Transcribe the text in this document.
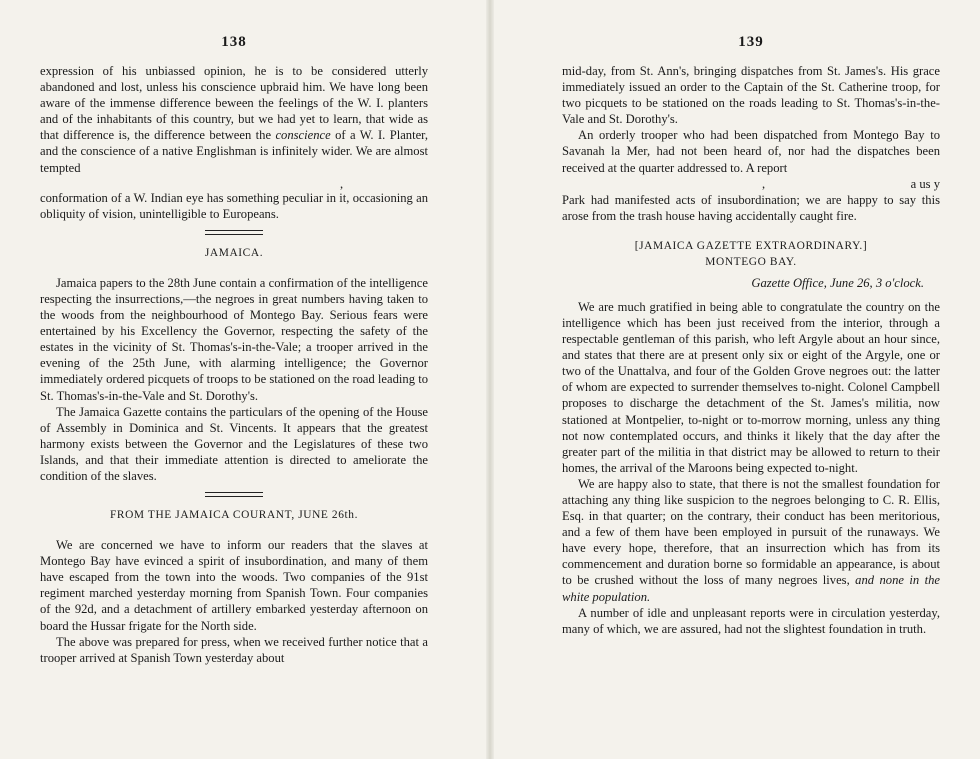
138

expression of his unbiassed opinion, he is to be considered utterly abandoned and lost, unless his conscience upbraid him. We have long been aware of the immense difference beween the feelings of the W. I. planters and of the inhabitants of this country, but we had yet to learn, that wide as that difference is, the difference between the conscience of a W. I. Planter, and the conscience of a native Englishman is infinitely wider. We are almost tempted

,

conformation of a W. Indian eye has something peculiar in it, occasioning an obliquity of vision, unintelligible to Europeans.

JAMAICA.

Jamaica papers to the 28th June contain a confirmation of the intelligence respecting the insurrections,—the negroes in great numbers having taken to the woods from the neighbourhood of Montego Bay. Serious fears were entertained by his Excellency the Governor, respecting the safety of the estates in the vicinity of St. Thomas's-in-the-Vale; a trooper arrived in the evening of the 25th June, with alarming intelligence; the Governor immediately ordered picquets of troops to be stationed on the road leading to St. Thomas's-in-the-Vale and St. Dorothy's.

The Jamaica Gazette contains the particulars of the opening of the House of Assembly in Dominica and St. Vincents. It appears that the greatest harmony exists between the Governor and the Legislatures of these two Islands, and that their immediate attention is directed to ameliorate the condition of the slaves.

FROM THE JAMAICA COURANT, JUNE 26th.

We are concerned we have to inform our readers that the slaves at Montego Bay have evinced a spirit of insubordination, and many of them have escaped from the town into the woods. Two companies of the 91st regiment marched yesterday morning from Spanish Town. Four companies of the 92d, and a detachment of artillery embarked yesterday afternoon on board the Hussar frigate for the North side.

The above was prepared for press, when we received further notice that a trooper arrived at Spanish Town yesterday about

139

mid-day, from St. Ann's, bringing dispatches from St. James's. His grace immediately issued an order to the Captain of the St. Catherine troop, for two picquets to be stationed on the roads leading to St. Thomas's-in-the-Vale and St. Dorothy's.

An orderly trooper who had been dispatched from Montego Bay to Savanah la Mer, had not been heard of, nor had the dispatches been received at the quarter addressed to. A report

,	a us y

Park had manifested acts of insubordination; we are happy to say this arose from the trash house having accidentally caught fire.

[JAMAICA GAZETTE EXTRAORDINARY.]
MONTEGO BAY.
Gazette Office, June 26, 3 o'clock.

We are much gratified in being able to congratulate the country on the intelligence which has been just received from the interior, through a respectable gentleman of this parish, who left Argyle about an hour since, and states that there are at present only six or eight of the Argyle, one or two of the Unattalva, and four of the Golden Grove negroes out: the latter of whom are expected to surrender themselves to-night. Colonel Campbell proposes to discharge the detachment of the St. James's militia, now stationed at Montpelier, to-night or to-morrow morning, unless any thing not now contemplated occurs, and thinks it likely that the day after the greater part of the militia in that district may be allowed to return to their homes, the arrival of the Maroons being expected to-night.

We are happy also to state, that there is not the smallest foundation for attaching any thing like suspicion to the negroes belonging to C. R. Ellis, Esq. in that quarter; on the contrary, their conduct has been meritorious, and a few of them have been employed in pursuit of the runaways. We have every hope, therefore, that an insurrection which has from its commencement and duration borne so formidable an appearance, is about to be crushed without the loss of many negroes lives, and none in the white population.

A number of idle and unpleasant reports were in circulation yesterday, many of which, we are assured, had not the slightest foundation in truth.
